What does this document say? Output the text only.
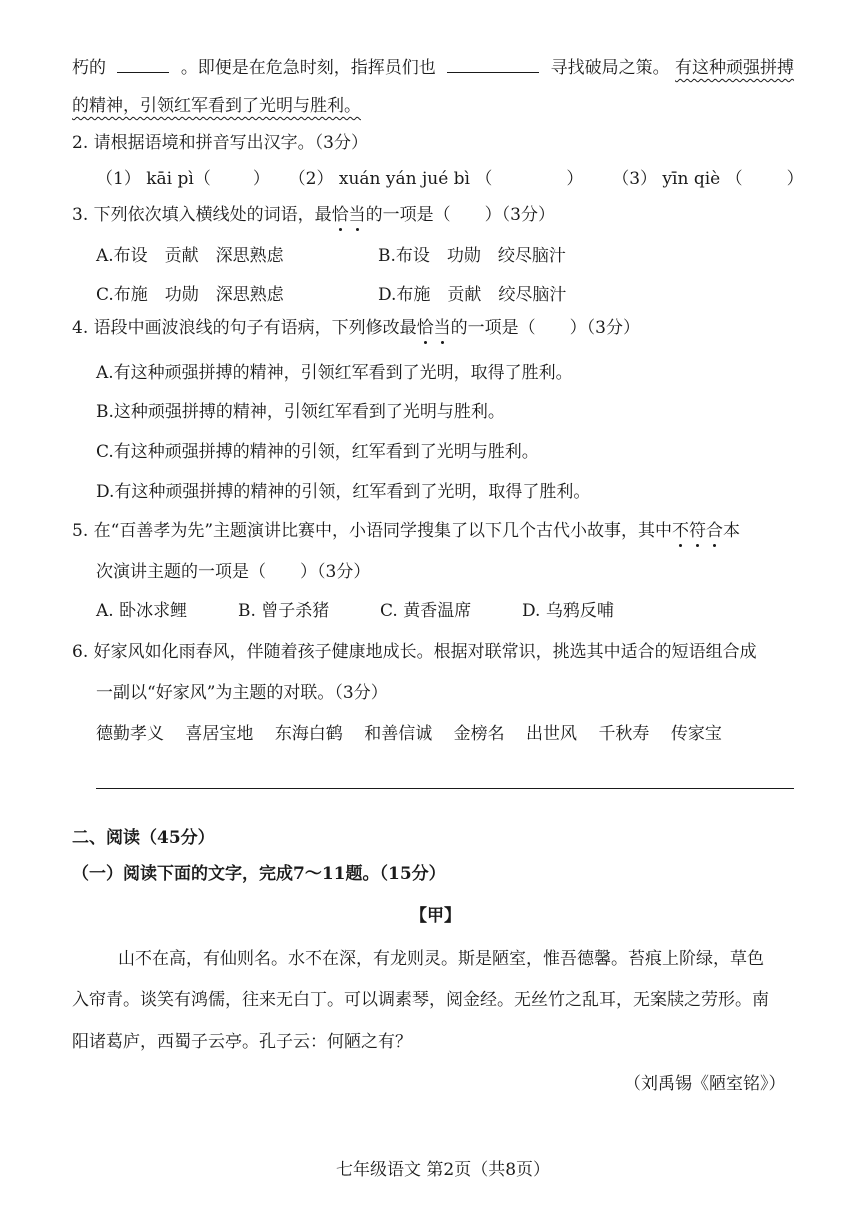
朽的	。即便是在危急时刻，指挥员们也	寻找破局之策。 有这种顽强拼搏
的精神，引领红军看到了光明与胜利。
2. 请根据语境和拼音写出汉字。（3分）
（1） kāi pì（ ） （2） xuán yán jué bì （	） （3） yīn qiè （	）
3. 下列依次填入横线处的词语，最恰当的一项是（　　）（3分）
A.布设　贡献　深思熟虑	B.布设　功勋　绞尽脑汁
C.布施　功勋　深思熟虑	D.布施　贡献　绞尽脑汁
4. 语段中画波浪线的句子有语病，下列修改最恰当的一项是（　　）（3分）
A.有这种顽强拼搏的精神，引领红军看到了光明，取得了胜利。
B.这种顽强拼搏的精神，引领红军看到了光明与胜利。
C.有这种顽强拼搏的精神的引领，红军看到了光明与胜利。
D.有这种顽强拼搏的精神的引领，红军看到了光明，取得了胜利。
5. 在“百善孝为先”主题演讲比赛中，小语同学搜集了以下几个古代小故事，其中不符合本
次演讲主题的一项是（　　）（3分）
A. 卧冰求鲤	B. 曾子杀猪	C. 黄香温席	D. 乌鸦反哺
6. 好家风如化雨春风，伴随着孩子健康地成长。根据对联常识，挑选其中适合的短语组合成
一副以“好家风”为主题的对联。（3分）
德勤孝义 喜居宝地 东海白鹤 和善信诚 金榜名 出世风 千秋寿 传家宝
二、阅读（45分）
（一）阅读下面的文字，完成7～11题。（15分）
【甲】
山不在高，有仙则名。水不在深，有龙则灵。斯是陋室，惟吾德馨。苔痕上阶绿，草色
入帘青。谈笑有鸿儒，往来无白丁。可以调素琴，阅金经。无丝竹之乱耳，无案牍之劳形。南
阳诸葛庐，西蜀子云亭。孔子云：何陋之有？
（刘禹锡《陋室铭》）
七年级语文 第2页（共8页）
